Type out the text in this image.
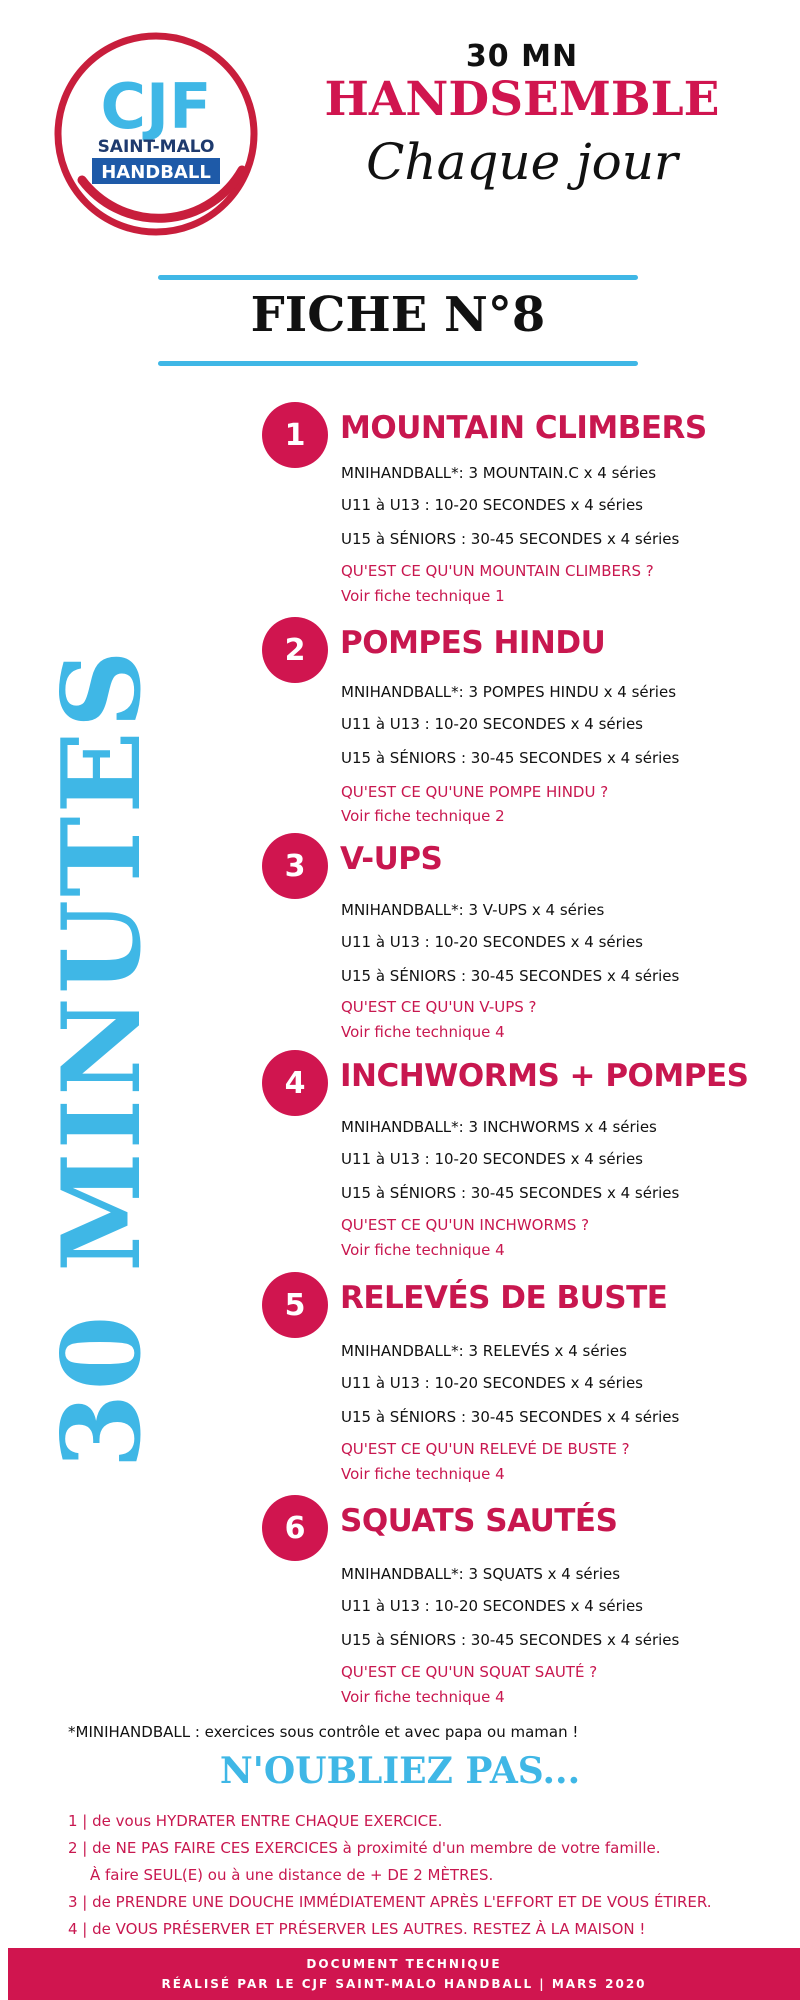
CJF
SAINT-MALO
HANDBALL
30 MN
HANDSEMBLE
Chaque jour
FICHE N°8
30 MINUTES
1	MOUNTAIN CLIMBERS
MNIHANDBALL*: 3 MOUNTAIN.C x 4 séries
U11 à U13 : 10-20 SECONDES x 4 séries
U15 à SÉNIORS : 30-45 SECONDES x 4 séries
QU'EST CE QU'UN MOUNTAIN CLIMBERS ?
Voir fiche technique 1
2	POMPES HINDU
MNIHANDBALL*: 3 POMPES HINDU x 4 séries
U11 à U13 : 10-20 SECONDES x 4 séries
U15 à SÉNIORS : 30-45 SECONDES x 4 séries
QU'EST CE QU'UNE POMPE HINDU ?
Voir fiche technique 2
3	V-UPS
MNIHANDBALL*: 3 V-UPS x 4 séries
U11 à U13 : 10-20 SECONDES x 4 séries
U15 à SÉNIORS : 30-45 SECONDES x 4 séries
QU'EST CE QU'UN V-UPS ?
Voir fiche technique 4
4	INCHWORMS + POMPES
MNIHANDBALL*: 3 INCHWORMS x 4 séries
U11 à U13 : 10-20 SECONDES x 4 séries
U15 à SÉNIORS : 30-45 SECONDES x 4 séries
QU'EST CE QU'UN INCHWORMS ?
Voir fiche technique 4
5	RELEVÉS DE BUSTE
MNIHANDBALL*: 3 RELEVÉS x 4 séries
U11 à U13 : 10-20 SECONDES x 4 séries
U15 à SÉNIORS : 30-45 SECONDES x 4 séries
QU'EST CE QU'UN RELEVÉ DE BUSTE ?
Voir fiche technique 4
6	SQUATS SAUTÉS
MNIHANDBALL*: 3 SQUATS x 4 séries
U11 à U13 : 10-20 SECONDES x 4 séries
U15 à SÉNIORS : 30-45 SECONDES x 4 séries
QU'EST CE QU'UN SQUAT SAUTÉ ?
Voir fiche technique 4
*MINIHANDBALL : exercices sous contrôle et avec papa ou maman !
N'OUBLIEZ PAS...
1 | de vous HYDRATER ENTRE CHAQUE EXERCICE.
2 | de NE PAS FAIRE CES EXERCICES à proximité d'un membre de votre famille.
À faire SEUL(E) ou à une distance de + DE 2 MÈTRES.
3 | de PRENDRE UNE DOUCHE IMMÉDIATEMENT APRÈS L'EFFORT ET DE VOUS ÉTIRER.
4 | de VOUS PRÉSERVER ET PRÉSERVER LES AUTRES. RESTEZ À LA MAISON !
DOCUMENT TECHNIQUE
RÉALISÉ PAR LE CJF SAINT-MALO HANDBALL | MARS 2020
